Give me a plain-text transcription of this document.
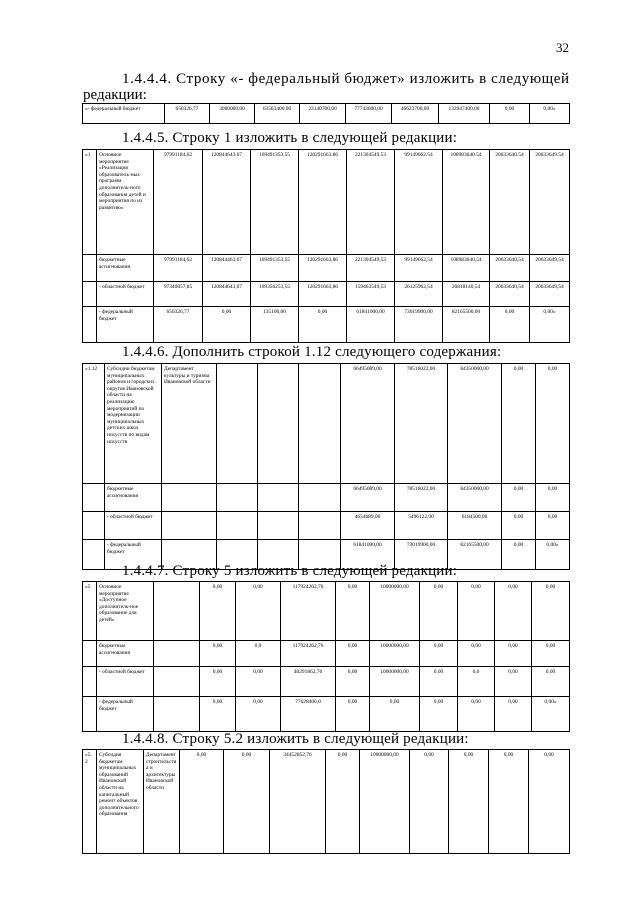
32
1.4.4.4. Строку «- федеральный бюджет» изложить в следующей
редакции:
«- федеральный бюджет	650326,77	3000000,00	63563400,00	23140700,00	77743600,00	46623700,00	133947400,00	0,00	0,00»
1.4.4.5. Строку 1 изложить в следующей редакции:
«1	Основное мероприятие «Реализация образователь-ных программ дополнитель-ного образования детей и мероприятия по их развитию»	97991184.62	120844643.67	169491353.55	120291663.86	221304549.53	99149662.54	108983640.54	20633640.54	20633649.54
	бюджетные ассигнования	97991184,62	120844463,67	169491353,55	120291663,86	221304549,53	99149662,54	108983640,54	20633640,54	20633649,54
	- областной бюджет	97340857,85	120844643,67	169356253,55	120291663,86	159463549,53	26125962,54	26818140,54	20633640,54	20633649,54
	- федеральный бюджет	650326,77	0,00	135100,00	0,00	61841000,00	73019900,00	82165500,00	0,00	0,00»
1.4.4.6. Дополнить строкой 1.12 следующего содержания:
«1.12	Субсидии бюджетам муниципальных районов и городских округов Ивановской области на реализацию мероприятий по модернизации муниципальных детских школ искусств по видам искусств	Департамент культуры и туризма Ивановской области				66495689,00	78516022,00	84350000,00	0,00	0,00
	бюджетные ассигнования					66495689,00	78516022,00	84350000,00	0,00	0,00
	- областной бюджет					4654689,00	5496122,00	6184500,00	0,00	0,00
	- федеральный бюджет					61841000,00	73019900,00	82165500,00	0,00	0,00»
1.4.4.7. Строку 5 изложить в следующей редакции:
«5	Основное мероприятие «Доступное дополнитель-ное образование для детей»		0,00	0,00	117924262,76	0,00	10000000,00	0,00	0,00	0,00	0,00
	бюджетные ассигнования		0,00	0,0	117924262,76	0,00	10000000,00	0,00	0,00	0,00	0,00
	- областной бюджет		0,00	0,00	40291862,76	0,00	10000000,00	0,00	0,0	0,00	0,00
	- федеральный бюджет		0,00	0,00	77628400,0	0,00	0,00	0,00	0,00	0,00	0,00»
1.4.4.8. Строку 5.2 изложить в следующей редакции:
«5.2	Субсидия бюджетам муниципальных образований Ивановской области на капитальный ремонт объектов дополнительного образования	Департамент строительства и архитектуры Ивановской области	0,00	0,00	34452852,76	0,00	10000000,00	0,00	0,00	0,00	0,00
